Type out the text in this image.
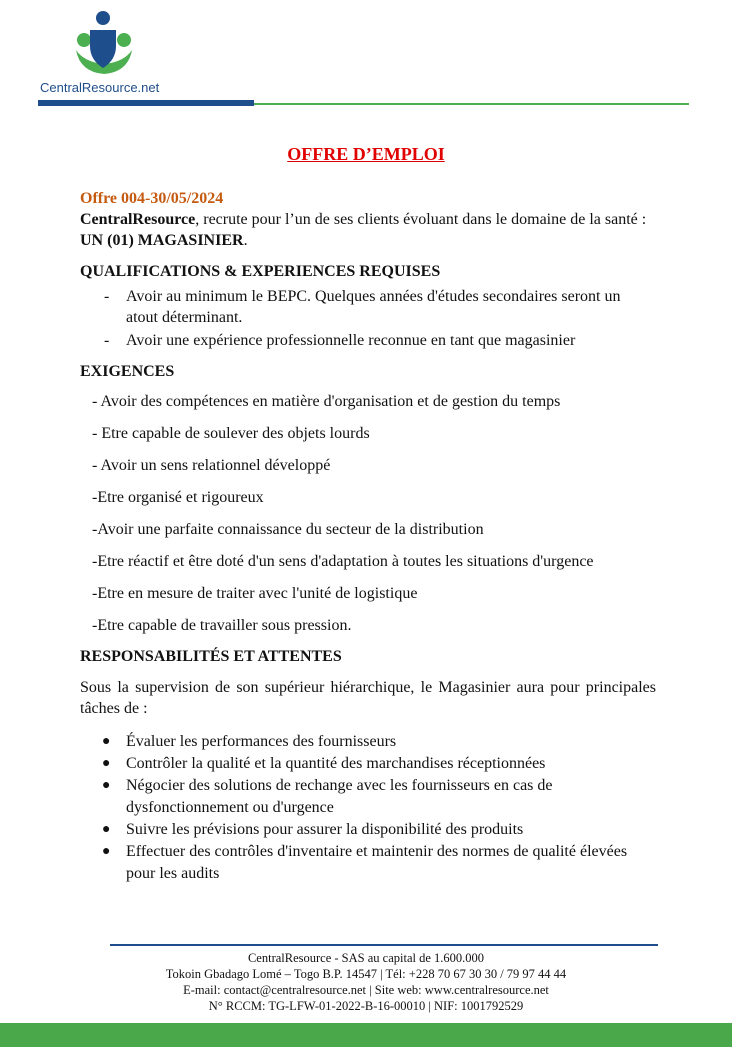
CentralResource.net
OFFRE D’EMPLOI

Offre 004-30/05/2024

CentralResource, recrute pour l’un de ses clients évoluant dans le domaine de la santé : UN (01) MAGASINIER.

QUALIFICATIONS & EXPERIENCES REQUISES

- Avoir au minimum le BEPC. Quelques années d'études secondaires seront un atout déterminant.
- Avoir une expérience professionnelle reconnue en tant que magasinier

EXIGENCES

- Avoir des compétences en matière d'organisation et de gestion du temps

- Etre capable de soulever des objets lourds

- Avoir un sens relationnel développé

-Etre organisé et rigoureux

-Avoir une parfaite connaissance du secteur de la distribution

-Etre réactif et être doté d'un sens d'adaptation à toutes les situations d'urgence

-Etre en mesure de traiter avec l'unité de logistique

-Etre capable de travailler sous pression.

RESPONSABILITÉS ET ATTENTES

Sous la supervision de son supérieur hiérarchique, le Magasinier aura pour principales tâches de :

● Évaluer les performances des fournisseurs
● Contrôler la qualité et la quantité des marchandises réceptionnées
● Négocier des solutions de rechange avec les fournisseurs en cas de dysfonctionnement ou d'urgence
● Suivre les prévisions pour assurer la disponibilité des produits
● Effectuer des contrôles d'inventaire et maintenir des normes de qualité élevées pour les audits
CentralResource - SAS au capital de 1.600.000
Tokoin Gbadago Lomé – Togo B.P. 14547 | Tél: +228 70 67 30 30 / 79 97 44 44
E-mail: contact@centralresource.net | Site web: www.centralresource.net
N° RCCM: TG-LFW-01-2022-B-16-00010 | NIF: 1001792529
